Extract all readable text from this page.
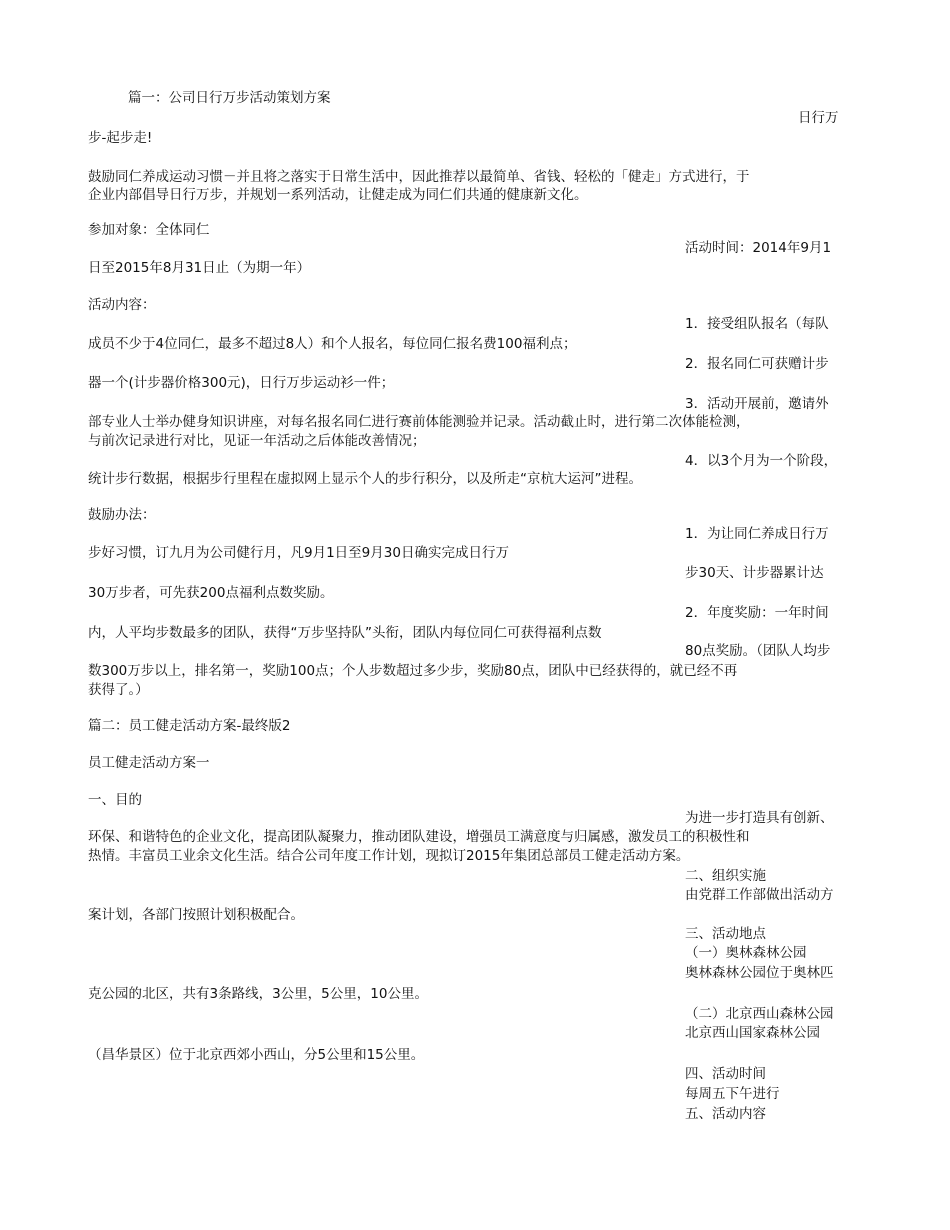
篇一：公司日行万步活动策划方案
日行万
步-起步走!
鼓励同仁养成运动习惯－并且将之落实于日常生活中，因此推荐以最简单、省钱、轻松的「健走」方式进行，于
企业内部倡导日行万步，并规划一系列活动，让健走成为同仁们共通的健康新文化。
参加对象：全体同仁
活动时间：2014年9月1
日至2015年8月31日止（为期一年）
活动内容：
1．接受组队报名（每队
成员不少于4位同仁，最多不超过8人）和个人报名，每位同仁报名费100福利点；
2．报名同仁可获赠计步
器一个(计步器价格300元)，日行万步运动衫一件；
3．活动开展前，邀请外
部专业人士举办健身知识讲座，对每名报名同仁进行赛前体能测验并记录。活动截止时，进行第二次体能检测，
与前次记录进行对比，见证一年活动之后体能改善情况；
4．以3个月为一个阶段，
统计步行数据，根据步行里程在虚拟网上显示个人的步行积分，以及所走“京杭大运河”进程。
鼓励办法：
1．为让同仁养成日行万
步好习惯，订九月为公司健行月，凡9月1日至9月30日确实完成日行万
步30天、计步器累计达
30万步者，可先获200点福利点数奖励。
2．年度奖励：一年时间
内，人平均步数最多的团队，获得“万步坚持队”头衔，团队内每位同仁可获得福利点数
80点奖励。（团队人均步
数300万步以上，排名第一，奖励100点；个人步数超过多少步，奖励80点，团队中已经获得的，就已经不再
获得了。）
篇二：员工健走活动方案-最终版2
员工健走活动方案一
一、目的
为进一步打造具有创新、
环保、和谐特色的企业文化，提高团队凝聚力，推动团队建设，增强员工满意度与归属感，激发员工的积极性和
热情。丰富员工业余文化生活。结合公司年度工作计划，现拟订2015年集团总部员工健走活动方案。
二、组织实施
由党群工作部做出活动方
案计划，各部门按照计划积极配合。
三、活动地点
（一）奥林森林公园
奥林森林公园位于奥林匹
克公园的北区，共有3条路线，3公里，5公里，10公里。
（二）北京西山森林公园
北京西山国家森林公园
（昌华景区）位于北京西郊小西山，分5公里和15公里。
四、活动时间
每周五下午进行
五、活动内容
